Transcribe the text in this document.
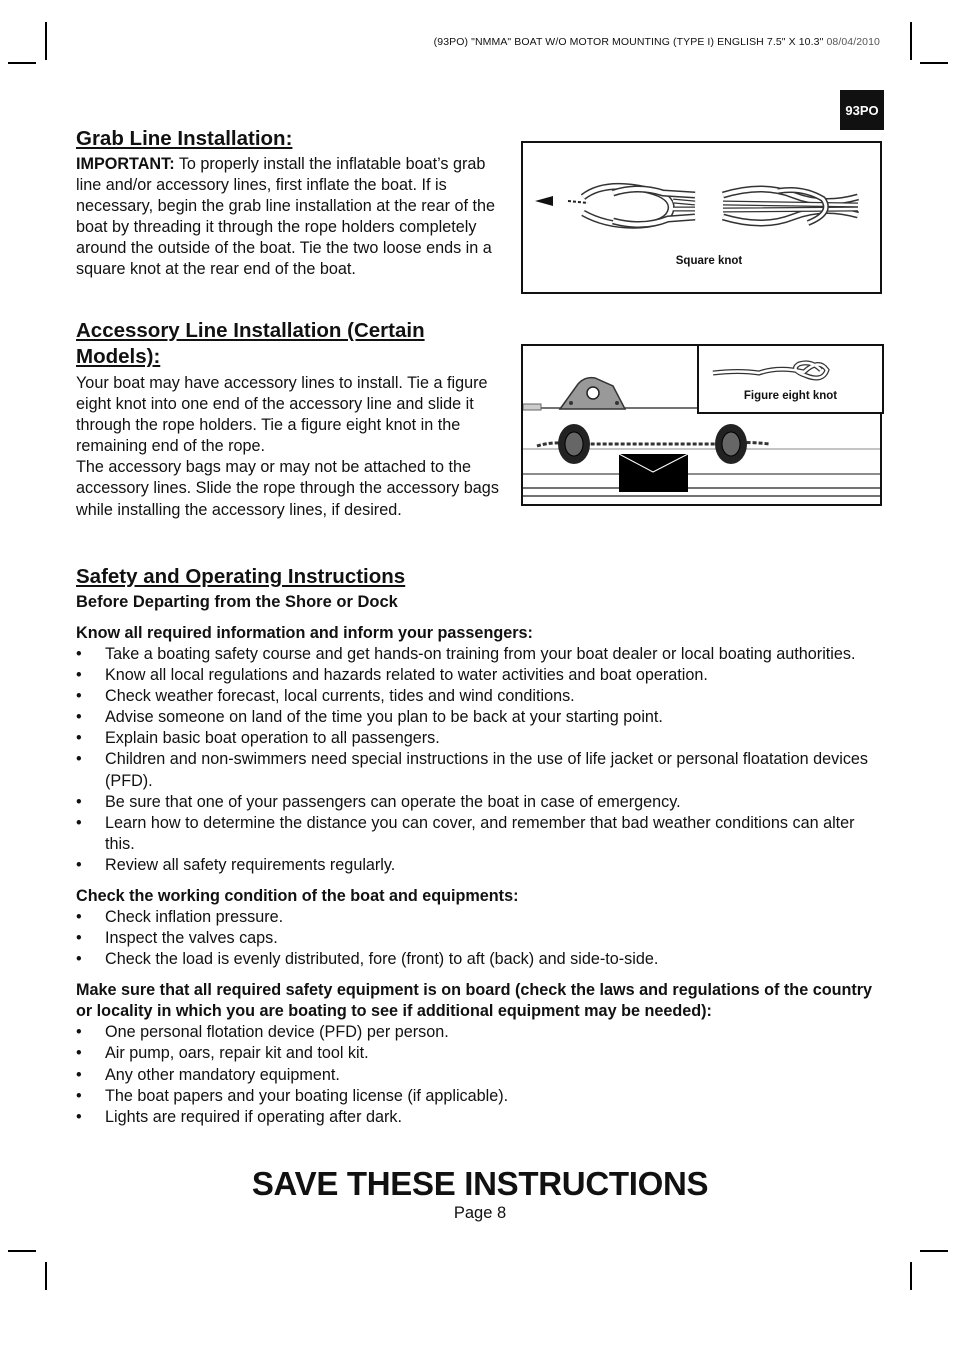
(93PO) "NMMA" BOAT W/O MOTOR MOUNTING (TYPE I) ENGLISH 7.5" X 10.3" 08/04/2010
93PO
Grab Line Installation:
IMPORTANT: To properly install the inflatable boat’s grab line and/or accessory lines, first inflate the boat. If is necessary, begin the grab line installation at the rear of the boat by threading it through the rope holders completely around the outside of the boat. Tie the two loose ends in a square knot at the rear end of the boat.	Square knot
Accessory Line Installation (Certain
Models):
Your boat may have accessory lines to install. Tie a figure eight knot into one end of the accessory line and slide it through the rope holders. Tie a figure eight knot in the remaining end of the rope.
The accessory bags may or may not be attached to the accessory lines. Slide the rope through the accessory bags while installing the accessory lines, if desired.
Figure eight knot
Safety and Operating Instructions
Before Departing from the Shore or Dock
Know all required information and inform your passengers:
• Take a boating safety course and get hands-on training from your boat dealer or local boating authorities.
• Know all local regulations and hazards related to water activities and boat operation.
• Check weather forecast, local currents, tides and wind conditions.
• Advise someone on land of the time you plan to be back at your starting point.
• Explain basic boat operation to all passengers.
• Children and non-swimmers need special instructions in the use of life jacket or personal floatation devices (PFD).
• Be sure that one of your passengers can operate the boat in case of emergency.
• Learn how to determine the distance you can cover, and remember that bad weather conditions can alter this.
• Review all safety requirements regularly.
Check the working condition of the boat and equipments:
• Check inflation pressure.
• Inspect the valves caps.
• Check the load is evenly distributed, fore (front) to aft (back) and side-to-side.
Make sure that all required safety equipment is on board (check the laws and regulations of the country or locality in which you are boating to see if additional equipment may be needed):
• One personal flotation device (PFD) per person.
• Air pump, oars, repair kit and tool kit.
• Any other mandatory equipment.
• The boat papers and your boating license (if applicable).
• Lights are required if operating after dark.
SAVE THESE INSTRUCTIONS
Page 8
